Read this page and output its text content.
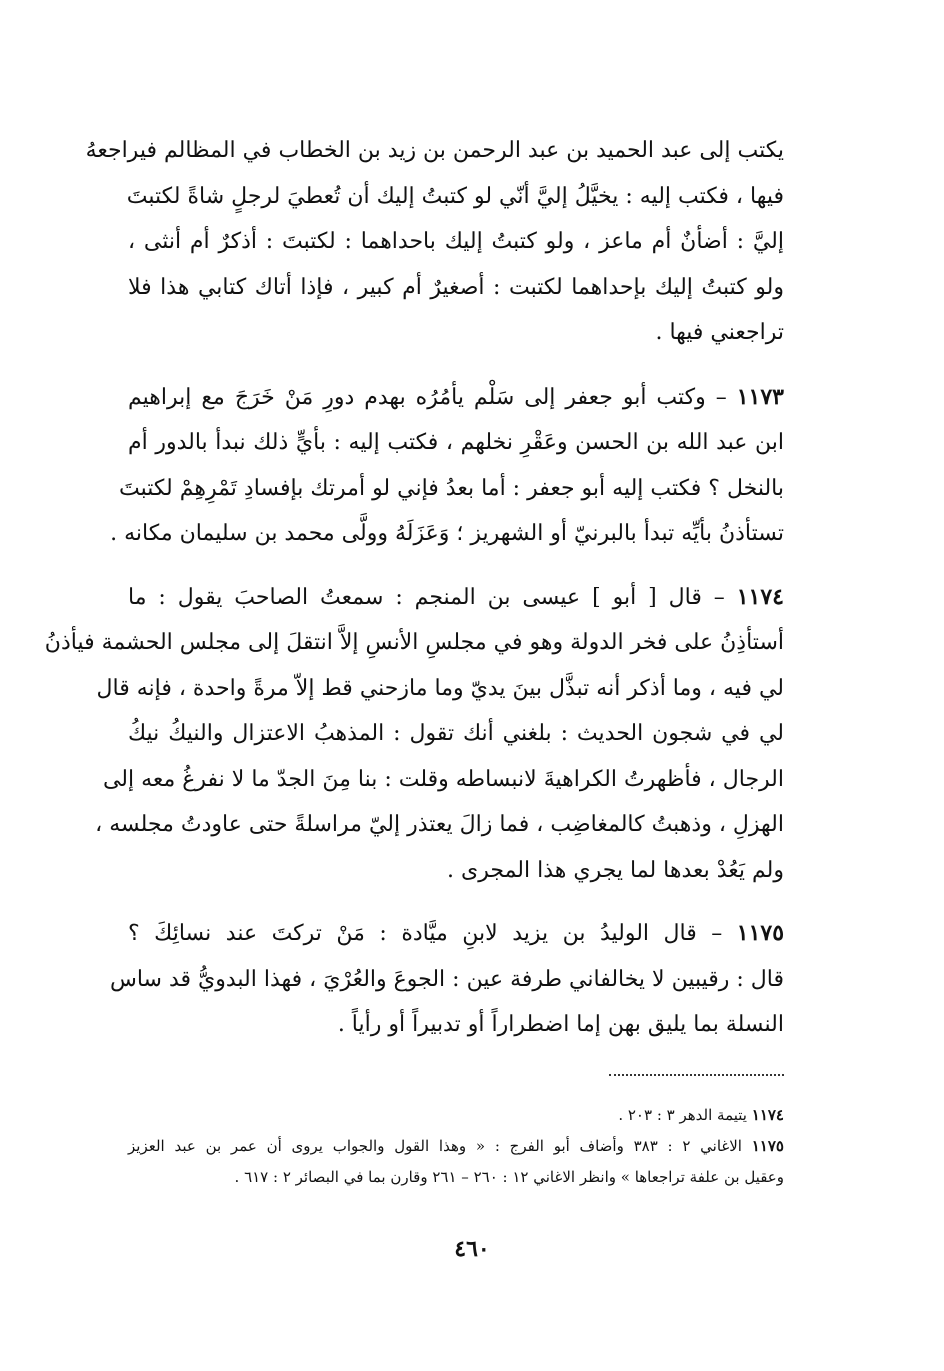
يكتب إلى عبد الحميد بن عبد الرحمن بن زيد بن الخطاب في المظالم فيراجعهُ
فيها ، فكتب إليه : يخيَّلُ إليَّ أنّي لو كتبتُ إليك أن تُعطيَ لرجلٍ شاةً لكتبتَ
إليَّ : أضأنٌ أم ماعز ، ولو كتبتُ إليك باحداهما : لكتبتَ : أذكرٌ أم أنثى ،
ولو كتبتُ إليك بإحداهما لكتبت : أصغيرٌ أم كبير ، فإذا أتاك كتابي هذا فلا
تراجعني فيها .
١١٧٣ – وكتب أبو جعفر إلى سَلْم يأمُرُه بهدم دورِ مَنْ خَرَجَ مع إبراهيم
ابن عبد الله بن الحسن وعَقْرِ نخلهم ، فكتب إليه : بأيٍّ ذلك نبدأ بالدور أم
بالنخل ؟ فكتب إليه أبو جعفر : أما بعدُ فإني لو أمرتك بإفسادِ تَمْرِهِمْ لكتبتَ
تستأذنُ بأيِّه تبدأ بالبرنيّ أو الشهريز ؛ وَعَزَلَهُ وولَّى محمد بن سليمان مكانه .
١١٧٤ – قال [ أبو ] عيسى بن المنجم : سمعتُ الصاحبَ يقول : ما
أستأذِنُ على فخر الدولة وهو في مجلسِ الأنسِ إلاَّ انتقلَ إلى مجلس الحشمة فيأذنُ
لي فيه ، وما أذكر أنه تبذَّل بينَ يديّ وما مازحني قط إلاّ مرةً واحدة ، فإنه قال
لي في شجون الحديث : بلغني أنك تقول : المذهبُ الاعتزال والنيكُ نيكُ
الرجال ، فأظهرتُ الكراهيةَ لانبساطه وقلت : بنا مِنَ الجدّ ما لا نفرغُ معه إلى
الهزلِ ، وذهبتُ كالمغاضِب ، فما زالَ يعتذر إليّ مراسلةً حتى عاودتُ مجلسه ،
ولم يَعُدْ بعدها لما يجري هذا المجرى .
١١٧٥ – قال الوليدُ بن يزيد لابنِ ميَّادة : مَنْ تركتَ عند نسائِكَ ؟
قال : رقيبين لا يخالفاني طرفة عين : الجوعَ والعُرْيَ ، فهذا البدويُّ قد ساس
النسلة بما يليق بهن إما اضطراراً أو تدبيراً أو رأياً .
١١٧٤ يتيمة الدهر ٣ : ٢٠٣ .
١١٧٥ الاغاني ٢ : ٣٨٣ وأضاف أبو الفرج : « وهذا القول والجواب يروى أن عمر بن عبد العزيز
وعقيل بن علفة تراجعاها » وانظر الاغاني ١٢ : ٢٦٠ – ٢٦١ وقارن بما في البصائر ٢ : ٦١٧ .
٤٦٠
